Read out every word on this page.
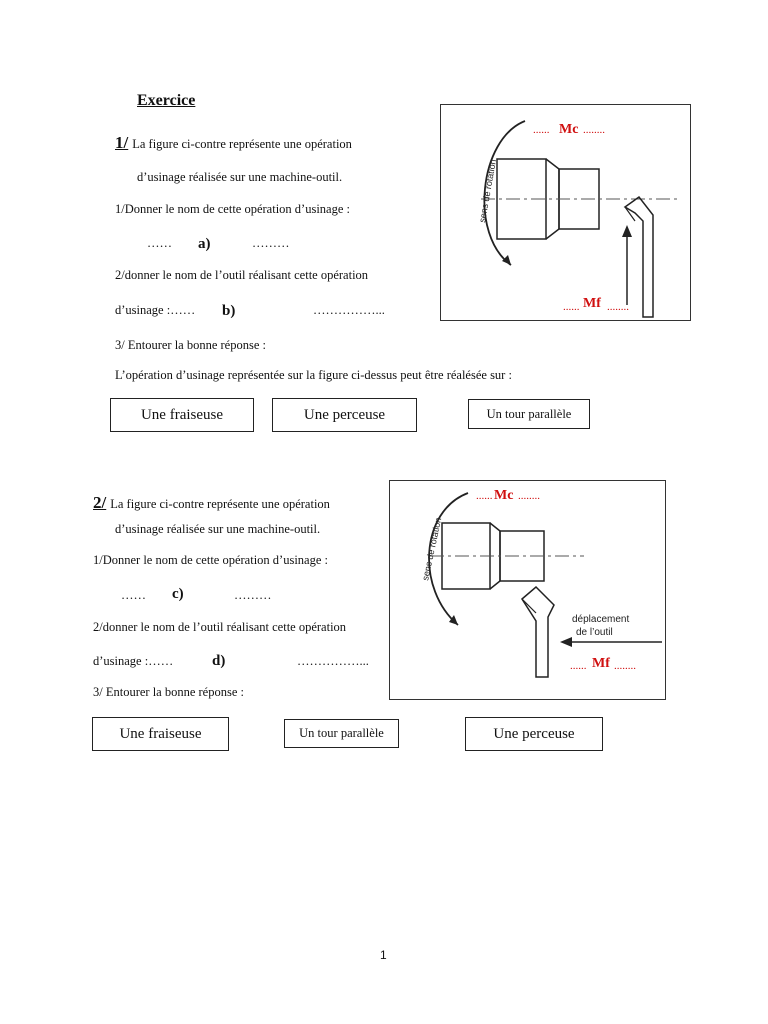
Exercice
1/ La figure ci-contre représente une opération
d’usinage réalisée sur une machine-outil.
1/Donner le nom de cette opération d’usinage :
…… a)	………
2/donner le nom de l’outil réalisant cette opération
d’usinage :…… b)	……………...
3/ Entourer la bonne réponse :
L’opération d’usinage représentée sur la figure ci-dessus peut être réalésée sur :
Une fraiseuse	Une perceuse	Un tour parallèle
sens de rotation
...... Mc ........
...... Mf ........
2/ La figure ci-contre représente une opération
d’usinage réalisée sur une machine-outil.
1/Donner le nom de cette opération d’usinage :
…… c)	………
2/donner le nom de l’outil réalisant cette opération
d’usinage :……	d)	……………...
3/ Entourer la bonne réponse :
Une fraiseuse	Un tour parallèle	Une perceuse
sens de rotation
...... Mc ........
déplacement
de l’outil
...... Mf ........
1
